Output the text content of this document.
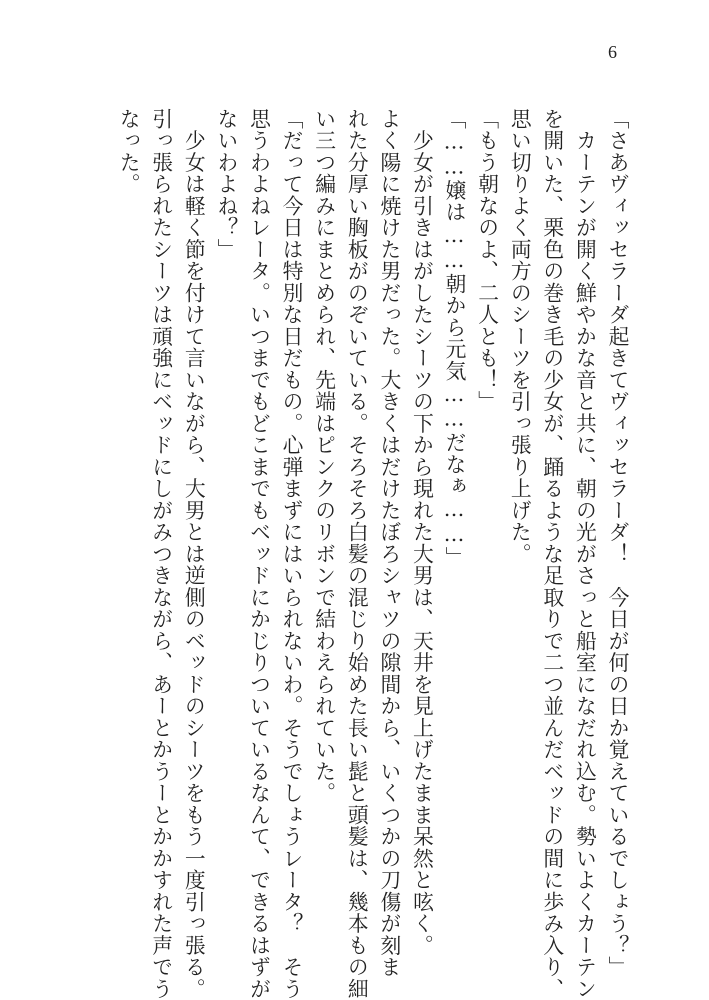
6

「さあヴィッセラーダ起きてヴィッセラーダ！　今日が何の日か覚えているでしょう？」

　カーテンが開く鮮やかな音と共に、朝の光がさっと船室になだれ込む。勢いよくカーテン

を開いた、栗色の巻き毛の少女が、踊るような足取りで二つ並んだベッドの間に歩み入り、

思い切りよく両方のシーツを引っ張り上げた。

「もう朝なのよ、二人とも！」

「……嬢は……朝から元気……だなぁ……」

　少女が引きはがしたシーツの下から現れた大男は、天井を見上げたまま呆然と呟く。

よく陽に焼けた男だった。大きくはだけたぼろシャツの隙間から、いくつかの刀傷が刻ま

れた分厚い胸板がのぞいている。そろそろ白髪の混じり始めた長い髭と頭髪は、幾本もの細

い三つ編みにまとめられ、先端はピンクのリボンで結わえられていた。

「だって今日は特別な日だもの。心弾まずにはいられないわ。そうでしょうレータ？　そう

思うわよねレータ。いつまでもどこまでもベッドにかじりついているなんて、できるはずが

ないわよね？」

　少女は軽く節を付けて言いながら、大男とは逆側のベッドのシーツをもう一度引っ張る。

引っ張られたシーツは頑強にベッドにしがみつきながら、あーとかうーとかかすれた声でう

なった。
